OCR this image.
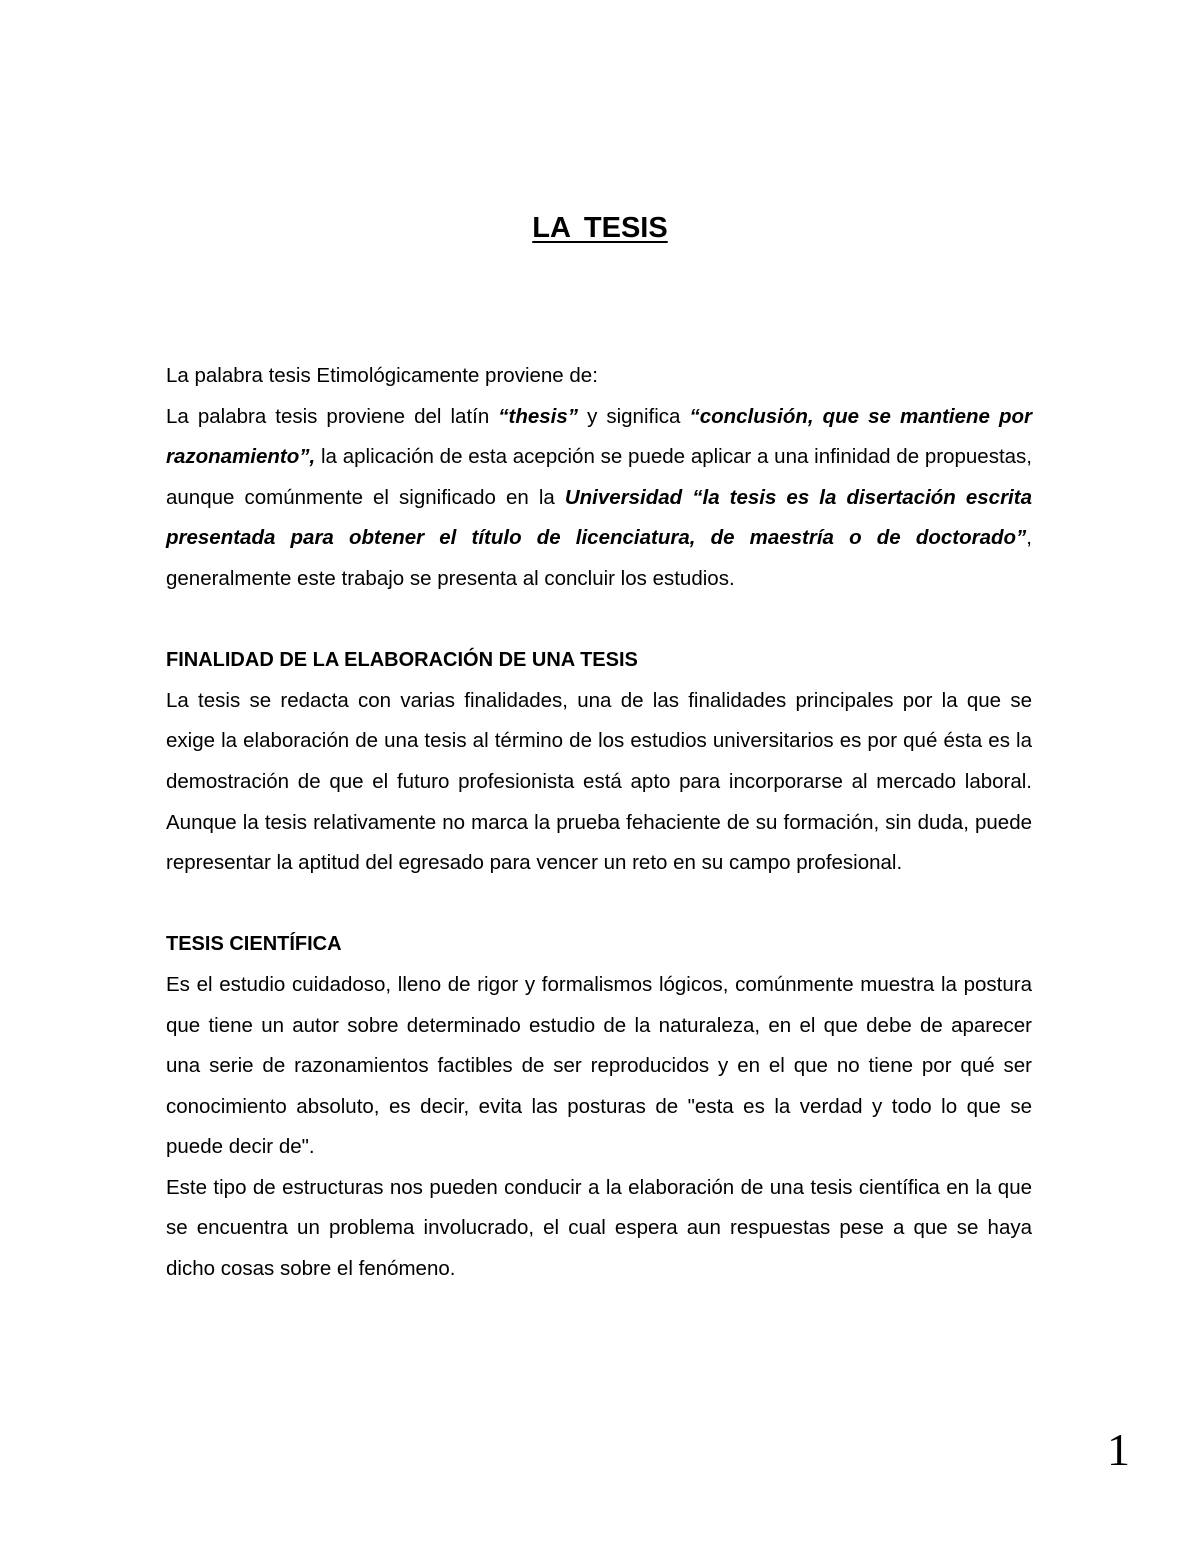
LA TESIS

La palabra tesis Etimológicamente proviene de:

La palabra tesis proviene del latín “thesis” y significa “conclusión, que se mantiene por razonamiento”, la aplicación de esta acepción se puede aplicar a una infinidad de propuestas, aunque comúnmente el significado en la Universidad “la tesis es la disertación escrita presentada para obtener el título de licenciatura, de maestría o de doctorado”, generalmente este trabajo se presenta al concluir los estudios.

FINALIDAD DE LA ELABORACIÓN DE UNA TESIS

La tesis se redacta con varias finalidades, una de las finalidades principales por la que se exige la elaboración de una tesis al término de los estudios universitarios es por qué ésta es la demostración de que el futuro profesionista está apto para incorporarse al mercado laboral. Aunque la tesis relativamente no marca la prueba fehaciente de su formación, sin duda, puede representar la aptitud del egresado para vencer un reto en su campo profesional.

TESIS CIENTÍFICA

Es el estudio cuidadoso, lleno de rigor y formalismos lógicos, comúnmente muestra la postura que tiene un autor sobre determinado estudio de la naturaleza, en el que debe de aparecer una serie de razonamientos factibles de ser reproducidos y en el que no tiene por qué ser conocimiento absoluto, es decir, evita las posturas de "esta es la verdad y todo lo que se puede decir de".

Este tipo de estructuras nos pueden conducir a la elaboración de una tesis científica en la que se encuentra un problema involucrado, el cual espera aun respuestas pese a que se haya dicho cosas sobre el fenómeno.

1
